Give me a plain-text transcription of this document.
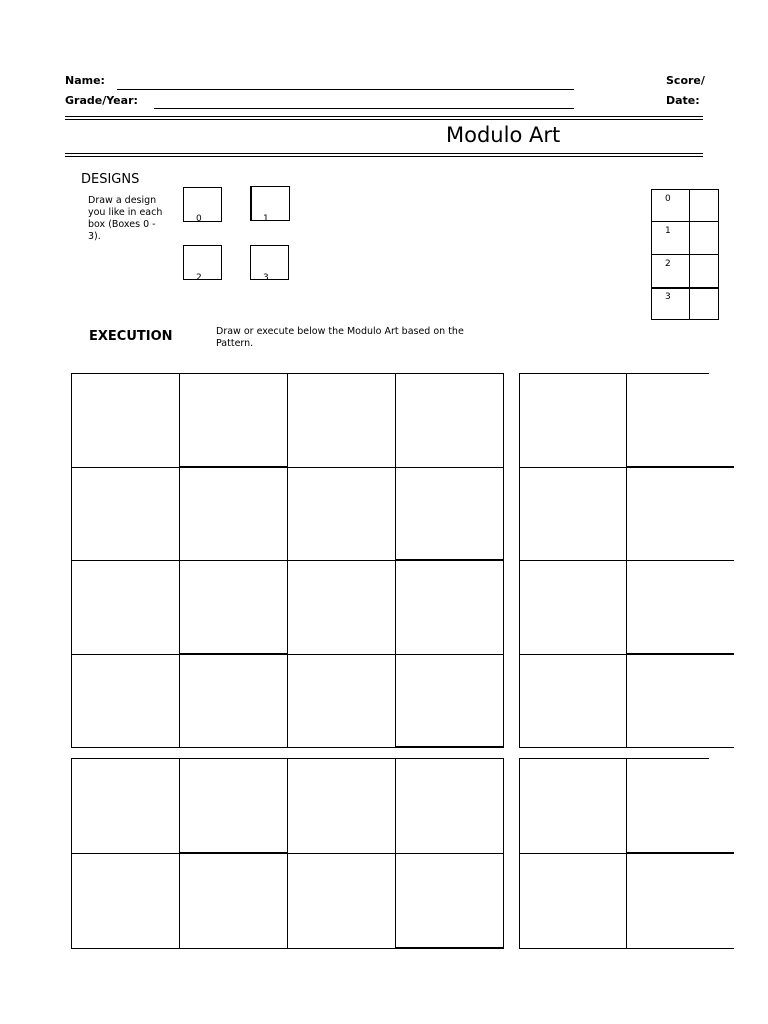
Name:
Grade/Year:
Score/
Date:
Modulo Art
DESIGNS
Draw a design you like in each box (Boxes 0 - 3).
0	1
2	3
0
1
2
3
EXECUTION	Draw or execute below the Modulo Art based on the Pattern.
